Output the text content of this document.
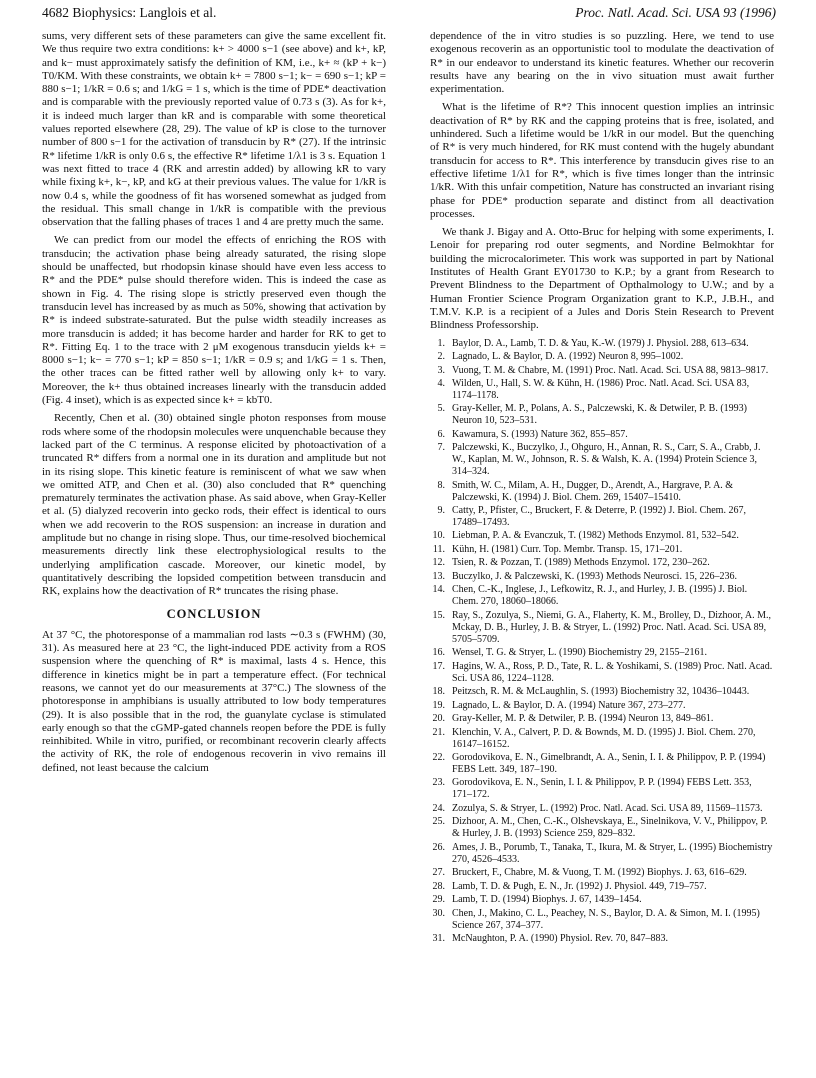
4682 Biophysics: Langlois et al.	Proc. Natl. Acad. Sci. USA 93 (1996)

sums, very different sets of these parameters can give the same excellent fit. We thus require two extra conditions: k+ > 4000 s−1 (see above) and k+, kP, and k− must approximately satisfy the definition of KM, i.e., k+ ≈ (kP + k−) T0/KM. With these constraints, we obtain k+ = 7800 s−1; k− = 690 s−1; kP = 880 s−1; 1/kR = 0.6 s; and 1/kG = 1 s, which is the time of PDE* deactivation and is comparable with the previously reported value of 0.73 s (3). As for k+, it is indeed much larger than kR and is comparable with some theoretical values reported elsewhere (28, 29). The value of kP is close to the turnover number of 800 s−1 for the activation of transducin by R* (27). If the intrinsic R* lifetime 1/kR is only 0.6 s, the effective R* lifetime 1/λ1 is 3 s. Equation 1 was next fitted to trace 4 (RK and arrestin added) by allowing kR to vary while fixing k+, k−, kP, and kG at their previous values. The value for 1/kR is now 0.4 s, while the goodness of fit has worsened somewhat as judged from the residual. This small change in 1/kR is compatible with the previous observation that the falling phases of traces 1 and 4 are pretty much the same.

We can predict from our model the effects of enriching the ROS with transducin; the activation phase being already saturated, the rising slope should be unaffected, but rhodopsin kinase should have even less access to R* and the PDE* pulse should therefore widen. This is indeed the case as shown in Fig. 4. The rising slope is strictly preserved even though the transducin level has increased by as much as 50%, showing that activation by R* is indeed substrate-saturated. But the pulse width steadily increases as more transducin is added; it has become harder and harder for RK to get to R*. Fitting Eq. 1 to the trace with 2 μM exogenous transducin yields k+ = 8000 s−1; k− = 770 s−1; kP = 850 s−1; 1/kR = 0.9 s; and 1/kG = 1 s. Then, the other traces can be fitted rather well by allowing only k+ to vary. Moreover, the k+ thus obtained increases linearly with the transducin added (Fig. 4 inset), which is as expected since k+ = kbT0.

Recently, Chen et al. (30) obtained single photon responses from mouse rods where some of the rhodopsin molecules were unquenchable because they lacked part of the C terminus. A response elicited by photoactivation of a truncated R* differs from a normal one in its duration and amplitude but not in its rising slope. This kinetic feature is reminiscent of what we saw when we omitted ATP, and Chen et al. (30) also concluded that R* quenching prematurely terminates the activation phase. As said above, when Gray-Keller et al. (5) dialyzed recoverin into gecko rods, their effect is identical to ours when we add recoverin to the ROS suspension: an increase in duration and amplitude but no change in rising slope. Thus, our time-resolved biochemical measurements directly link these electrophysiological results to the underlying amplification cascade. Moreover, our kinetic model, by quantitatively describing the lopsided competition between transducin and RK, explains how the deactivation of R* truncates the rising phase.

CONCLUSION

At 37 °C, the photoresponse of a mammalian rod lasts ∼0.3 s (FWHM) (30, 31). As measured here at 23 °C, the light-induced PDE activity from a ROS suspension where the quenching of R* is maximal, lasts 4 s. Hence, this difference in kinetics might be in part a temperature effect. (For technical reasons, we cannot yet do our measurements at 37°C.) The slowness of the photoresponse in amphibians is usually attributed to low body temperatures (29). It is also possible that in the rod, the guanylate cyclase is stimulated early enough so that the cGMP-gated channels reopen before the PDE is fully reinhibited. While in vitro, purified, or recombinant recoverin clearly affects the activity of RK, the role of endogenous recoverin in vivo remains ill defined, not least because the calcium

dependence of the in vitro studies is so puzzling. Here, we tend to use exogenous recoverin as an opportunistic tool to modulate the deactivation of R* in our endeavor to understand its kinetic features. Whether our recoverin results have any bearing on the in vivo situation must await further experimentation.

What is the lifetime of R*? This innocent question implies an intrinsic deactivation of R* by RK and the capping proteins that is free, isolated, and unhindered. Such a lifetime would be 1/kR in our model. But the quenching of R* is very much hindered, for RK must contend with the hugely abundant transducin for access to R*. This interference by transducin gives rise to an effective lifetime 1/λ1 for R*, which is five times longer than the intrinsic 1/kR. With this unfair competition, Nature has constructed an invariant rising phase for PDE* production separate and distinct from all deactivation processes.

We thank J. Bigay and A. Otto-Bruc for helping with some experiments, I. Lenoir for preparing rod outer segments, and Nordine Belmokhtar for building the microcalorimeter. This work was supported in part by National Institutes of Health Grant EY01730 to K.P.; by a grant from Research to Prevent Blindness to the Department of Opthalmology to U.W.; and by a Human Frontier Science Program Organization grant to K.P., J.B.H., and T.M.V. K.P. is a recipient of a Jules and Doris Stein Research to Prevent Blindness Professorship.

1. Baylor, D. A., Lamb, T. D. & Yau, K.-W. (1979) J. Physiol. 288, 613–634.
2. Lagnado, L. & Baylor, D. A. (1992) Neuron 8, 995–1002.
3. Vuong, T. M. & Chabre, M. (1991) Proc. Natl. Acad. Sci. USA 88, 9813–9817.
4. Wilden, U., Hall, S. W. & Kühn, H. (1986) Proc. Natl. Acad. Sci. USA 83, 1174–1178.
5. Gray-Keller, M. P., Polans, A. S., Palczewski, K. & Detwiler, P. B. (1993) Neuron 10, 523–531.
6. Kawamura, S. (1993) Nature 362, 855–857.
7. Palczewski, K., Buczylko, J., Ohguro, H., Annan, R. S., Carr, S. A., Crabb, J. W., Kaplan, M. W., Johnson, R. S. & Walsh, K. A. (1994) Protein Science 3, 314–324.
8. Smith, W. C., Milam, A. H., Dugger, D., Arendt, A., Hargrave, P. A. & Palczewski, K. (1994) J. Biol. Chem. 269, 15407–15410.
9. Catty, P., Pfister, C., Bruckert, F. & Deterre, P. (1992) J. Biol. Chem. 267, 17489–17493.
10. Liebman, P. A. & Evanczuk, T. (1982) Methods Enzymol. 81, 532–542.
11. Kühn, H. (1981) Curr. Top. Membr. Transp. 15, 171–201.
12. Tsien, R. & Pozzan, T. (1989) Methods Enzymol. 172, 230–262.
13. Buczylko, J. & Palczewski, K. (1993) Methods Neurosci. 15, 226–236.
14. Chen, C.-K., Inglese, J., Lefkowitz, R. J., and Hurley, J. B. (1995) J. Biol. Chem. 270, 18060–18066.
15. Ray, S., Zozulya, S., Niemi, G. A., Flaherty, K. M., Brolley, D., Dizhoor, A. M., Mckay, D. B., Hurley, J. B. & Stryer, L. (1992) Proc. Natl. Acad. Sci. USA 89, 5705–5709.
16. Wensel, T. G. & Stryer, L. (1990) Biochemistry 29, 2155–2161.
17. Hagins, W. A., Ross, P. D., Tate, R. L. & Yoshikami, S. (1989) Proc. Natl. Acad. Sci. USA 86, 1224–1128.
18. Peitzsch, R. M. & McLaughlin, S. (1993) Biochemistry 32, 10436–10443.
19. Lagnado, L. & Baylor, D. A. (1994) Nature 367, 273–277.
20. Gray-Keller, M. P. & Detwiler, P. B. (1994) Neuron 13, 849–861.
21. Klenchin, V. A., Calvert, P. D. & Bownds, M. D. (1995) J. Biol. Chem. 270, 16147–16152.
22. Gorodovikova, E. N., Gimelbrandt, A. A., Senin, I. I. & Philippov, P. P. (1994) FEBS Lett. 349, 187–190.
23. Gorodovikova, E. N., Senin, I. I. & Philippov, P. P. (1994) FEBS Lett. 353, 171–172.
24. Zozulya, S. & Stryer, L. (1992) Proc. Natl. Acad. Sci. USA 89, 11569–11573.
25. Dizhoor, A. M., Chen, C.-K., Olshevskaya, E., Sinelnikova, V. V., Philippov, P. & Hurley, J. B. (1993) Science 259, 829–832.
26. Ames, J. B., Porumb, T., Tanaka, T., Ikura, M. & Stryer, L. (1995) Biochemistry 270, 4526–4533.
27. Bruckert, F., Chabre, M. & Vuong, T. M. (1992) Biophys. J. 63, 616–629.
28. Lamb, T. D. & Pugh, E. N., Jr. (1992) J. Physiol. 449, 719–757.
29. Lamb, T. D. (1994) Biophys. J. 67, 1439–1454.
30. Chen, J., Makino, C. L., Peachey, N. S., Baylor, D. A. & Simon, M. I. (1995) Science 267, 374–377.
31. McNaughton, P. A. (1990) Physiol. Rev. 70, 847–883.
